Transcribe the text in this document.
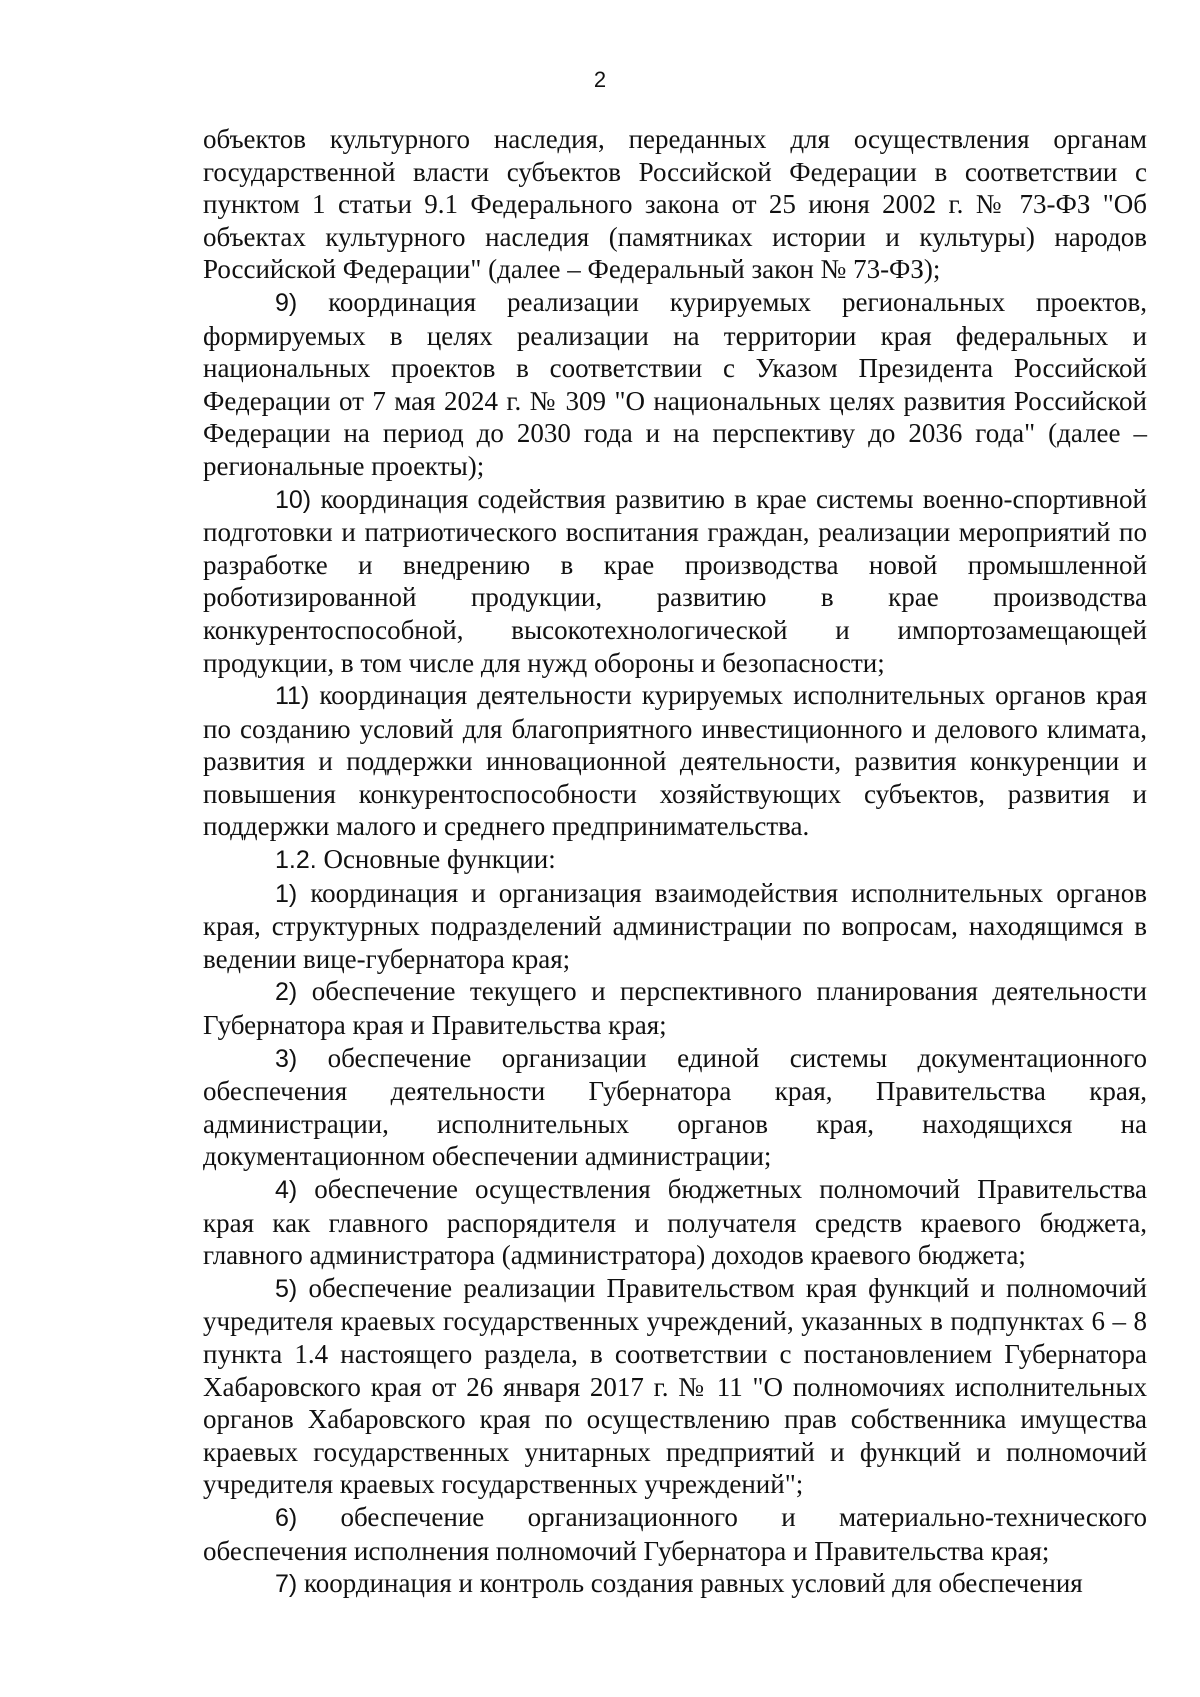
2

объектов культурного наследия, переданных для осуществления органам государственной власти субъектов Российской Федерации в соответствии с пунктом 1 статьи 9.1 Федерального закона от 25 июня 2002 г. № 73-ФЗ "Об объектах культурного наследия (памятниках истории и культуры) народов Российской Федерации" (далее – Федеральный закон № 73-ФЗ);

9) координация реализации курируемых региональных проектов, формируемых в целях реализации на территории края федеральных и национальных проектов в соответствии с Указом Президента Российской Федерации от 7 мая 2024 г. № 309 "О национальных целях развития Российской Федерации на период до 2030 года и на перспективу до 2036 года" (далее – региональные проекты);

10) координация содействия развитию в крае системы военно-спортивной подготовки и патриотического воспитания граждан, реализации мероприятий по разработке и внедрению в крае производства новой промышленной роботизированной продукции, развитию в крае производства конкурентоспособной, высокотехнологической и импортозамещающей продукции, в том числе для нужд обороны и безопасности;

11) координация деятельности курируемых исполнительных органов края по созданию условий для благоприятного инвестиционного и делового климата, развития и поддержки инновационной деятельности, развития конкуренции и повышения конкурентоспособности хозяйствующих субъектов, развития и поддержки малого и среднего предпринимательства.

1.2. Основные функции:

1) координация и организация взаимодействия исполнительных органов края, структурных подразделений администрации по вопросам, находящимся в ведении вице-губернатора края;

2) обеспечение текущего и перспективного планирования деятельности Губернатора края и Правительства края;

3) обеспечение организации единой системы документационного обеспечения деятельности Губернатора края, Правительства края, администрации, исполнительных органов края, находящихся на документационном обеспечении администрации;

4) обеспечение осуществления бюджетных полномочий Правительства края как главного распорядителя и получателя средств краевого бюджета, главного администратора (администратора) доходов краевого бюджета;

5) обеспечение реализации Правительством края функций и полномочий учредителя краевых государственных учреждений, указанных в подпунктах 6 – 8 пункта 1.4 настоящего раздела, в соответствии с постановлением Губернатора Хабаровского края от 26 января 2017 г. № 11 "О полномочиях исполнительных органов Хабаровского края по осуществлению прав собственника имущества краевых государственных унитарных предприятий и функций и полномочий учредителя краевых государственных учреждений";

6) обеспечение организационного и материально-технического обеспечения исполнения полномочий Губернатора и Правительства края;

7) координация и контроль создания равных условий для обеспечения
